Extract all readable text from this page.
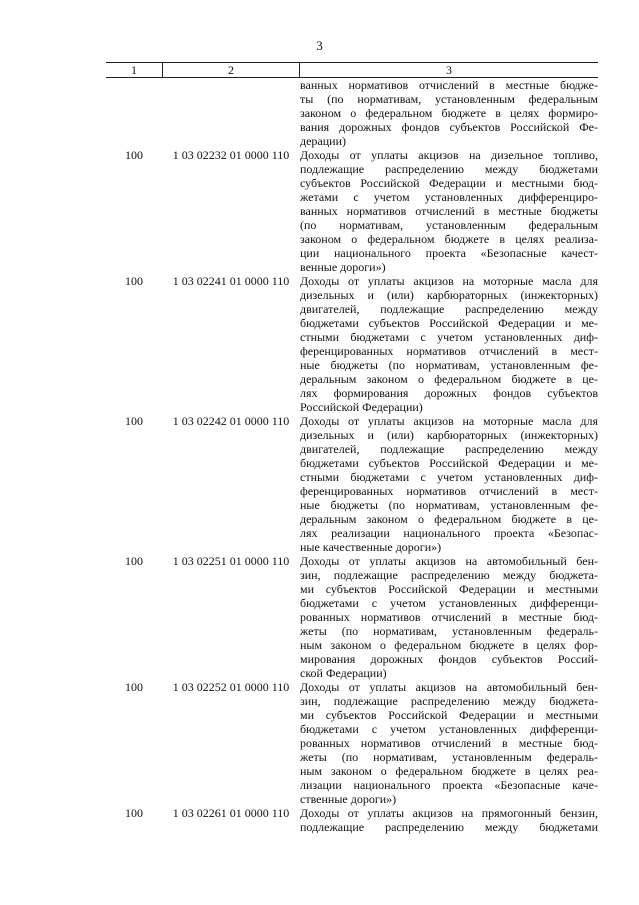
3
1	2	3
ванных нормативов отчислений в местные бюдже-
ты (по нормативам, установленным федеральным
законом о федеральном бюджете в целях формиро-
вания дорожных фондов субъектов Российской Фе-
дерации)
100	1 03 02232 01 0000 110 Доходы от уплаты акцизов на дизельное топливо,
подлежащие распределению между бюджетами
субъектов Российской Федерации и местными бюд-
жетами с учетом установленных дифференциро-
ванных нормативов отчислений в местные бюджеты
(по нормативам, установленным федеральным
законом о федеральном бюджете в целях реализа-
ции национального проекта «Безопасные качест-
венные дороги»)
100	1 03 02241 01 0000 110 Доходы от уплаты акцизов на моторные масла для
дизельных и (или) карбюраторных (инжекторных)
двигателей, подлежащие распределению между
бюджетами субъектов Российской Федерации и ме-
стными бюджетами с учетом установленных диф-
ференцированных нормативов отчислений в мест-
ные бюджеты (по нормативам, установленным фе-
деральным законом о федеральном бюджете в це-
лях формирования дорожных фондов субъектов
Российской Федерации)
100	1 03 02242 01 0000 110 Доходы от уплаты акцизов на моторные масла для
дизельных и (или) карбюраторных (инжекторных)
двигателей, подлежащие распределению между
бюджетами субъектов Российской Федерации и ме-
стными бюджетами с учетом установленных диф-
ференцированных нормативов отчислений в мест-
ные бюджеты (по нормативам, установленным фе-
деральным законом о федеральном бюджете в це-
лях реализации национального проекта «Безопас-
ные качественные дороги»)
100	1 03 02251 01 0000 110 Доходы от уплаты акцизов на автомобильный бен-
зин, подлежащие распределению между бюджета-
ми субъектов Российской Федерации и местными
бюджетами с учетом установленных дифференци-
рованных нормативов отчислений в местные бюд-
жеты (по нормативам, установленным федераль-
ным законом о федеральном бюджете в целях фор-
мирования дорожных фондов субъектов Россий-
ской Федерации)
100	1 03 02252 01 0000 110 Доходы от уплаты акцизов на автомобильный бен-
зин, подлежащие распределению между бюджета-
ми субъектов Российской Федерации и местными
бюджетами с учетом установленных дифференци-
рованных нормативов отчислений в местные бюд-
жеты (по нормативам, установленным федераль-
ным законом о федеральном бюджете в целях реа-
лизации национального проекта «Безопасные каче-
ственные дороги»)
100	1 03 02261 01 0000 110 Доходы от уплаты акцизов на прямогонный бензин,
подлежащие распределению между бюджетами
